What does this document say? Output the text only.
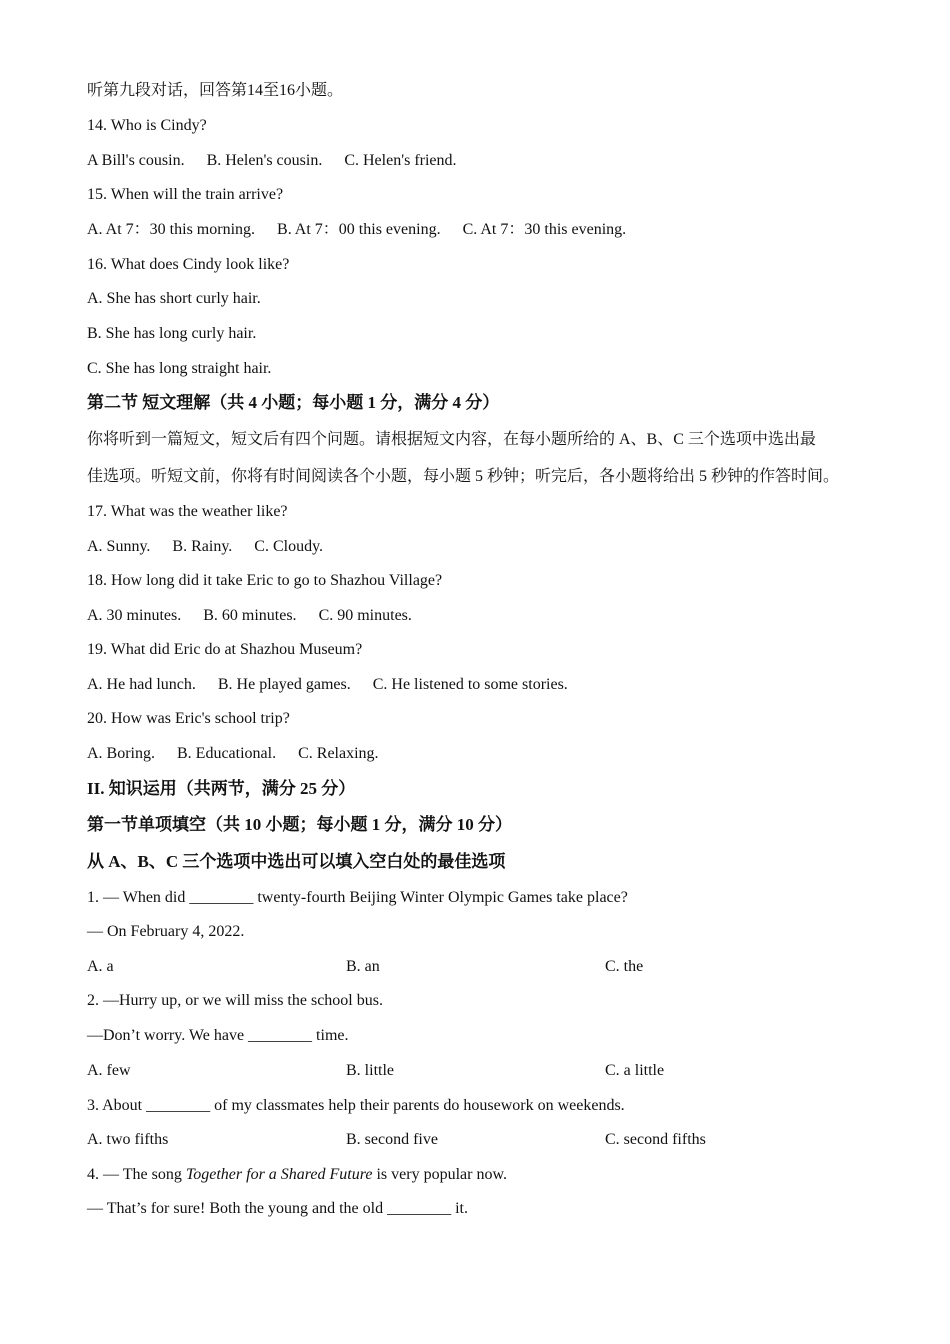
听第九段对话，回答第14至16小题。
14. Who is Cindy?
A Bill's cousin. B. Helen's cousin. C. Helen's friend.
15. When will the train arrive?
A. At 7：30 this morning. B. At 7：00 this evening. C. At 7：30 this evening.
16. What does Cindy look like?
A. She has short curly hair.
B. She has long curly hair.
C. She has long straight hair.
第二节 短文理解（共 4 小题；每小题 1 分，满分 4 分）
你将听到一篇短文，短文后有四个问题。请根据短文内容，在每小题所给的 A、B、C 三个选项中选出最
佳选项。听短文前，你将有时间阅读各个小题，每小题 5 秒钟；听完后，各小题将给出 5 秒钟的作答时间。
17. What was the weather like?
A. Sunny. B. Rainy. C. Cloudy.
18. How long did it take Eric to go to Shazhou Village?
A. 30 minutes. B. 60 minutes. C. 90 minutes.
19. What did Eric do at Shazhou Museum?
A. He had lunch. B. He played games. C. He listened to some stories.
20. How was Eric's school trip?
A. Boring. B. Educational. C. Relaxing.
II. 知识运用（共两节，满分 25 分）
第一节单项填空（共 10 小题；每小题 1 分，满分 10 分）
从 A、B、C 三个选项中选出可以填入空白处的最佳选项
1. — When did ________ twenty-fourth Beijing Winter Olympic Games take place?
— On February 4, 2022.
A. a	B. an	C. the
2. —Hurry up, or we will miss the school bus.
—Don’t worry. We have ________ time.
A. few	B. little	C. a little
3. About ________ of my classmates help their parents do housework on weekends.
A. two fifths	B. second five	C. second fifths
4. — The song Together for a Shared Future is very popular now.
— That’s for sure! Both the young and the old ________ it.
